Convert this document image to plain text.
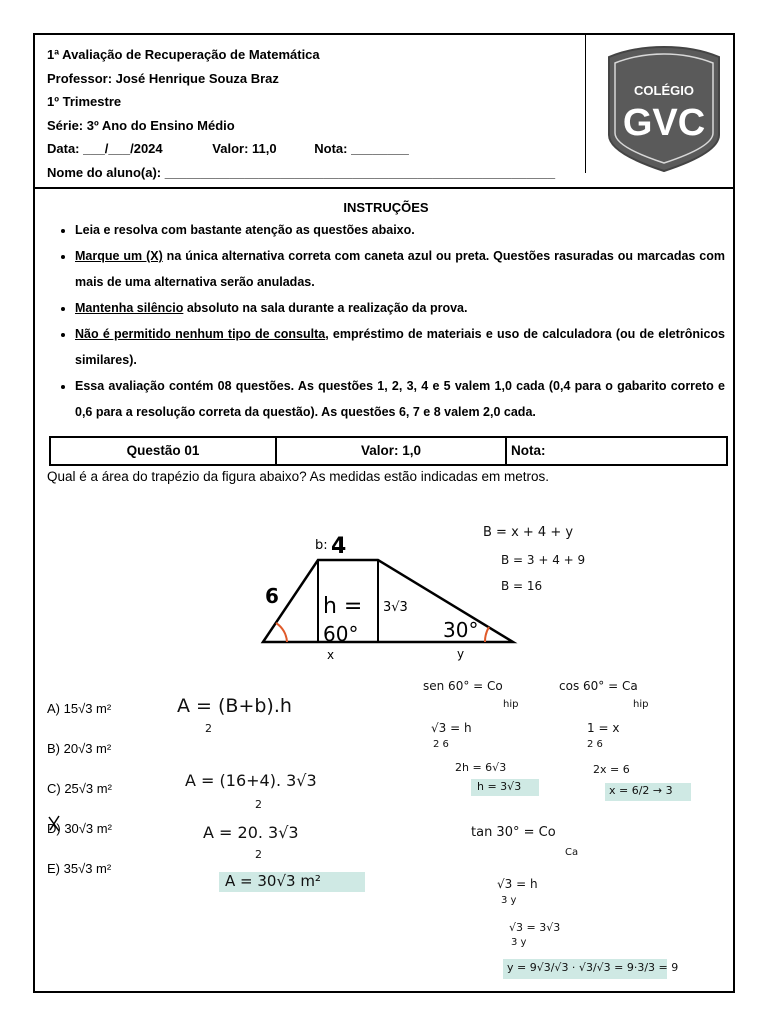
1ª Avaliação de Recuperação de Matemática
Professor: José Henrique Souza Braz
1º Trimestre
Série: 3º Ano do Ensino Médio
Data: ___/___/2024	Valor: 11,0	Nota: ________
Nome do aluno(a): ______________________________________________________
COLÉGIO
GVC
INSTRUÇÕES
• Leia e resolva com bastante atenção as questões abaixo.
• Marque um (X) na única alternativa correta com caneta azul ou preta. Questões rasuradas ou marcadas com mais de uma alternativa serão anuladas.
• Mantenha silêncio absoluto na sala durante a realização da prova.
• Não é permitido nenhum tipo de consulta, empréstimo de materiais e uso de calculadora (ou de eletrônicos similares).
• Essa avaliação contém 08 questões. As questões 1, 2, 3, 4 e 5 valem 1,0 cada (0,4 para o gabarito correto e 0,6 para a resolução correta da questão). As questões 6, 7 e 8 valem 2,0 cada.
Questão 01	Valor: 1,0	Nota:
Qual é a área do trapézio da figura abaixo? As medidas estão indicadas em metros.
b: 4
6
60°	30°
h = 3√3
x	y
A) 15√3 m²
B) 20√3 m²
C) 25√3 m²
D) 30√3 m²
E) 35√3 m²
B = x + 4 + y
B = 3 + 4 + 9
B = 16
A = (B+b).h
2
A = (16+4). 3√3
2
A = 20. 3√3
2
A = 30√3 m²
sen 60° = Co
hip
√3 = h
2 6
2h = 6√3
h = 3√3
cos 60° = Ca
hip
1 = x
2 6
2x = 6
x = 6/2 → 3
tan 30° = Co
Ca
√3 = h
3 y
√3 = 3√3
3 y
y = 9√3/√3 · √3/√3 = 9·3/3 = 9
